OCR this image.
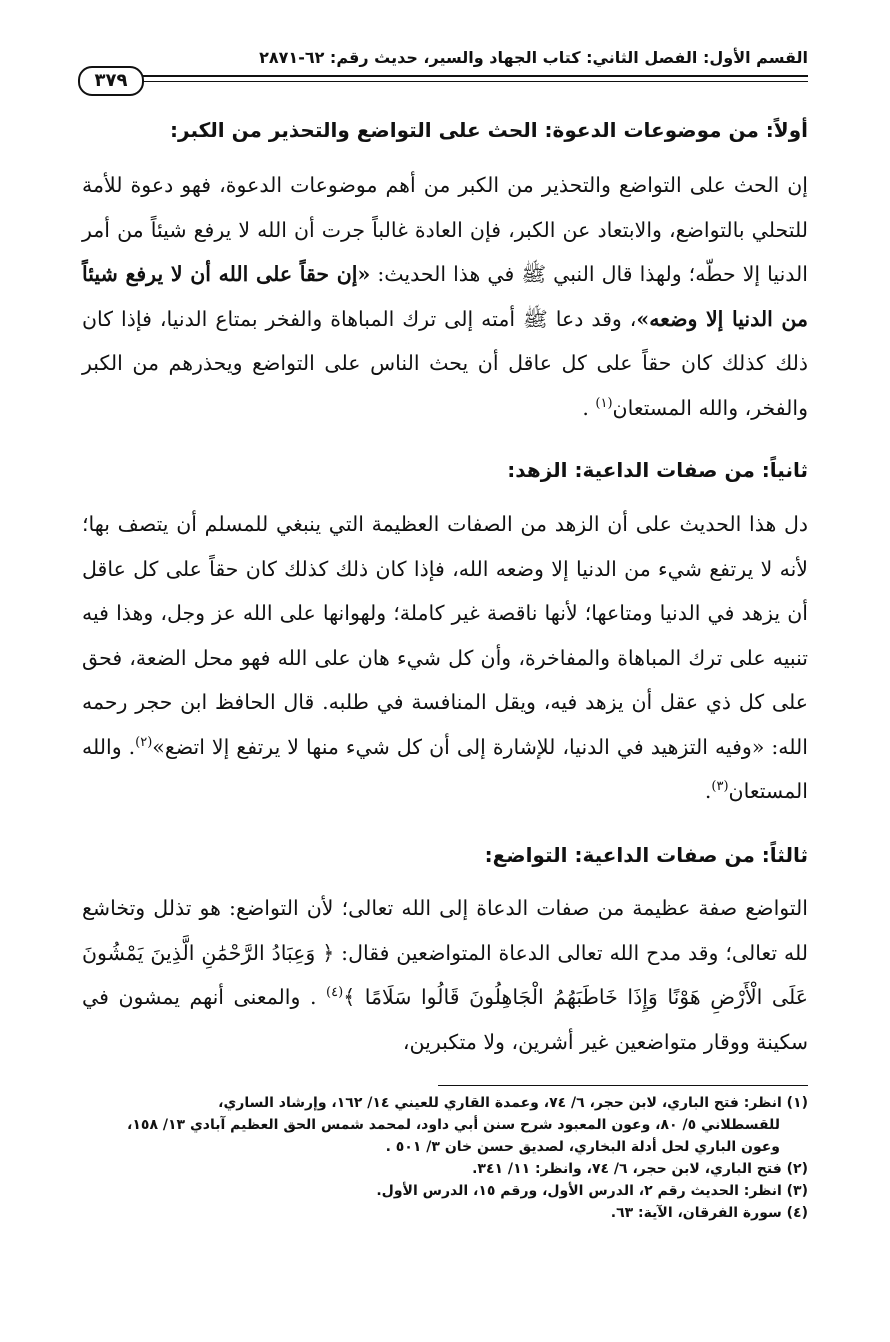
القسم الأول: الفصل الثاني: كتاب الجهاد والسير، حديث رقم: ٦٢-٢٨٧١
٣٧٩
أولاً: من موضوعات الدعوة: الحث على التواضع والتحذير من الكبر:

إن الحث على التواضع والتحذير من الكبر من أهم موضوعات الدعوة، فهو دعوة للأمة للتحلي بالتواضع، والابتعاد عن الكبر، فإن العادة غالباً جرت أن الله لا يرفع شيئاً من أمر الدنيا إلا حطّه؛ ولهذا قال النبي ﷺ في هذا الحديث: «إن حقاً على الله أن لا يرفع شيئاً من الدنيا إلا وضعه»، وقد دعا ﷺ أمته إلى ترك المباهاة والفخر بمتاع الدنيا، فإذا كان ذلك كذلك كان حقاً على كل عاقل أن يحث الناس على التواضع ويحذرهم من الكبر والفخر، والله المستعان$^{(١)}$ .

ثانياً: من صفات الداعية: الزهد:

دل هذا الحديث على أن الزهد من الصفات العظيمة التي ينبغي للمسلم أن يتصف بها؛ لأنه لا يرتفع شيء من الدنيا إلا وضعه الله، فإذا كان ذلك كذلك كان حقاً على كل عاقل أن يزهد في الدنيا ومتاعها؛ لأنها ناقصة غير كاملة؛ ولهوانها على الله عز وجل، وهذا فيه تنبيه على ترك المباهاة والمفاخرة، وأن كل شيء هان على الله فهو محل الضعة، فحق على كل ذي عقل أن يزهد فيه، ويقل المنافسة في طلبه. قال الحافظ ابن حجر رحمه الله: «وفيه التزهيد في الدنيا، للإشارة إلى أن كل شيء منها لا يرتفع إلا اتضع»$^{(٢)}$. والله المستعان$^{(٣)}$.

ثالثاً: من صفات الداعية: التواضع:

التواضع صفة عظيمة من صفات الدعاة إلى الله تعالى؛ لأن التواضع: هو تذلل وتخاشع لله تعالى؛ وقد مدح الله تعالى الدعاة المتواضعين فقال: ﴿ وَعِبَادُ الرَّحْمَٰنِ الَّذِينَ يَمْشُونَ عَلَى الْأَرْضِ هَوْنًا وَإِذَا خَاطَبَهُمُ الْجَاهِلُونَ قَالُوا سَلَامًا ﴾$^{(٤)}$ . والمعنى أنهم يمشون في سكينة ووقار متواضعين غير أشرين، ولا متكبرين،

(١) انظر: فتح الباري، لابن حجر، ٦/ ٧٤، وعمدة القاري للعيني ١٤/ ١٦٢، وإرشاد الساري،
للقسطلاني ٥/ ٨٠، وعون المعبود شرح سنن أبي داود، لمحمد شمس الحق العظيم آبادي ١٣/ ١٥٨،
وعون الباري لحل أدلة البخاري، لصديق حسن خان ٣/ ٥٠١ .
(٢) فتح الباري، لابن حجر، ٦/ ٧٤، وانظر: ١١/ ٣٤١.
(٣) انظر: الحديث رقم ٢، الدرس الأول، ورقم ١٥، الدرس الأول.
(٤) سورة الفرقان، الآية: ٦٣.
